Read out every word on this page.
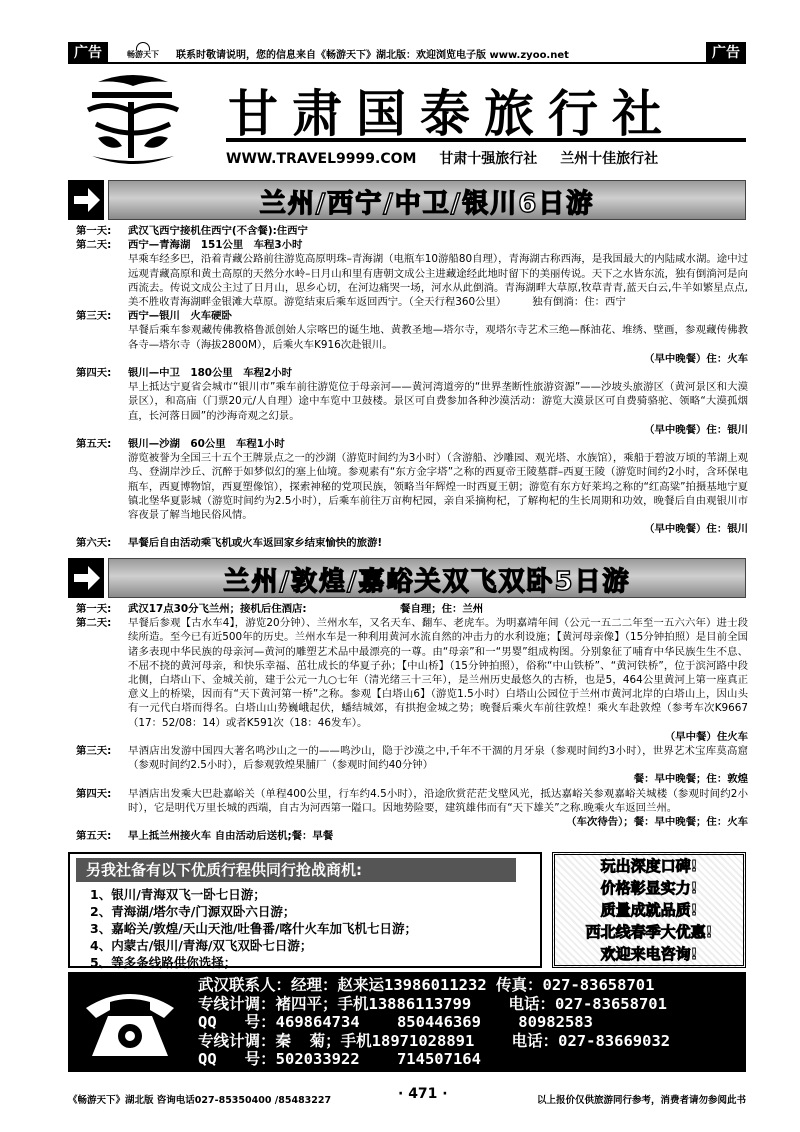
广告	畅游天下	联系时敬请说明，您的信息来自《畅游天下》湖北版：欢迎浏览电子版 www.zyoo.net	广告
甘肃国泰旅行社
WWW.TRAVEL9999.COM 甘肃十强旅行社 兰州十佳旅行社
兰州/西宁/中卫/银川6日游
第一天: 武汉飞西宁接机住西宁(不含餐):住西宁
第二天: 西宁—青海湖　151公里　车程3小时

早乘车经多巴，沿着青藏公路前往游览高原明珠–青海湖（电瓶车10游船80自理），青海湖古称西海，是我国最大的内陆咸水湖。途中过远观青藏高原和黄土高原的天然分水岭–日月山和里有唐朝文成公主进藏途经此地时留下的美丽传说。天下之水皆东流，独有倒淌河是向西流去。传说文成公主过了日月山，思乡心切，在河边痛哭一场，河水从此倒淌。青海湖畔大草原,牧草青青,蓝天白云,牛羊如繁星点点,美不胜收青海湖畔金银滩大草原。游览结束后乘车返回西宁。（全天行程360公里）　　　独有倒淌：住：西宁

第三天: 西宁—银川　火车硬卧

早餐后乘车参观藏传佛教格鲁派创始人宗喀巴的诞生地、黄教圣地—塔尔寺，观塔尔寺艺术三绝—酥油花、堆绣、壁画，参观藏传佛教各寺—塔尔寺（海拔2800M），后乘火车K916次赴银川。

（早中晚餐）住：火车
第四天: 银川—中卫　180公里　车程2小时

早上抵达宁夏省会城市“银川市”乘车前往游览位于母亲河——黄河湾道旁的“世界垄断性旅游资源”——沙坡头旅游区（黄河景区和大漠景区），和高庙（门票20元/人自理）途中车览中卫鼓楼。景区可自费参加各种沙漠活动：游览大漠景区可自费骑骆驼、领略“大漠孤烟直，长河落日圆”的沙海奇观之幻景。

（早中晚餐）住：银川
第五天: 银川—沙湖　60公里　车程1小时

游览被誉为全国三十五个王牌景点之一的沙湖（游览时间约为3小时）（含游船、沙雕园、观光塔、水族馆），乘船于碧波万顷的苇湖上观鸟、登湖岸沙丘、沉醉于如梦似幻的塞上仙境。参观素有“东方金字塔”之称的西夏帝王陵墓群–西夏王陵（游览时间约2小时，含环保电瓶车，西夏博物馆，西夏塑像馆），探索神秘的党项民族，领略当年辉煌一时西夏王朝；游览有东方好莱坞之称的“红高粱”拍摄基地宁夏镇北堡华夏影城（游览时间约为2.5小时），后乘车前往万亩枸杞园，亲自采摘枸杞，了解枸杞的生长周期和功效，晚餐后自由观银川市容夜景了解当地民俗风情。

（早中晚餐）住：银川
第六天: 早餐后自由活动乘飞机或火车返回家乡结束愉快的旅游!
兰州/敦煌/嘉峪关双飞双卧5日游
第一天: 武汉17点30分飞兰州；接机后住酒店:　　　　　　　　　餐自理；住：兰州
第二天: 早餐后参观【古水车4】，游览20分钟）、兰州水车，又名天车、翻车、老虎车。为明嘉靖年间（公元一五二二年至一五六六年）进士段续所造。至今已有近500年的历史。兰州水车是一种利用黄河水流自然的冲击力的水利设施；【黄河母亲像】（15分钟拍照）是目前全国诸多表现中华民族的母亲河—黄河的雕塑艺术品中最漂亮的一尊。由“母亲”和一“男婴”组成构图。分别象征了哺育中华民族生生不息、不屈不挠的黄河母亲，和快乐幸福、茁壮成长的华夏子孙；【中山桥】（15分钟拍照），俗称“中山铁桥”、“黄河铁桥”，位于滨河路中段北侧，白塔山下、金城关前，建于公元一九○七年（清光绪三十三年），是兰州历史最悠久的古桥，也是5，464公里黄河上第一座真正意义上的桥梁，因而有“天下黄河第一桥”之称。参观【白塔山6】（游览1.5小时）白塔山公园位于兰州市黄河北岸的白塔山上，因山头有一元代白塔而得名。白塔山山势巍峨起伏，蟠结城郊，有拱抱金城之势；晚餐后乘火车前往敦煌！乘火车赴敦煌（参考车次K9667（17：52/08：14）或者K591次（18：46发车）。

（早中餐）住火车
第三天: 早酒店出发游中国四大著名鸣沙山之一的——鸣沙山，隐于沙漠之中,千年不干涸的月牙泉（参观时间约3小时），世界艺术宝库莫高窟（参观时间约2.5小时），后参观敦煌果脯厂（参观时间约40分钟）

餐：早中晚餐；住：敦煌
第四天: 早酒店出发乘大巴赴嘉峪关（单程400公里，行车约4.5小时），沿途欣赏茫茫戈壁风光，抵达嘉峪关参观嘉峪关城楼（参观时间约2小时），它是明代万里长城的西端，自古为河西第一隘口。因地势险要，建筑雄伟而有“天下雄关”之称.晚乘火车返回兰州。

（车次待告）；餐：早中晚餐；住：火车
第五天: 早上抵兰州接火车 自由活动后送机;餐：早餐
另我社备有以下优质行程供同行抢战商机:
1、银川/青海双飞一卧七日游；
2、青海湖/塔尔寺/门源双卧六日游；
3、嘉峪关/敦煌/天山天池/吐鲁番/喀什火车加飞机七日游；
4、内蒙古/银川/青海/双飞双卧七日游；
5、等多条线路供你选择；
玩出深度口碑!
价格彰显实力!
质量成就品质!
西北线春季大优惠!
欢迎来电咨询!
武汉联系人：经理：赵来运13986011232 传真：027-83658701
专线计调：褚四平；手机13886113799    电话：027-83658701
QQ   号：469864734    850446369    80982583
专线计调：秦  菊；手机18971028891    电话：027-83669032
QQ   号：502033922    714507164
《畅游天下》湖北版 咨询电话027-85350400 /85483227	· 471 ·	以上报价仅供旅游同行参考，消费者请勿参阅此书
